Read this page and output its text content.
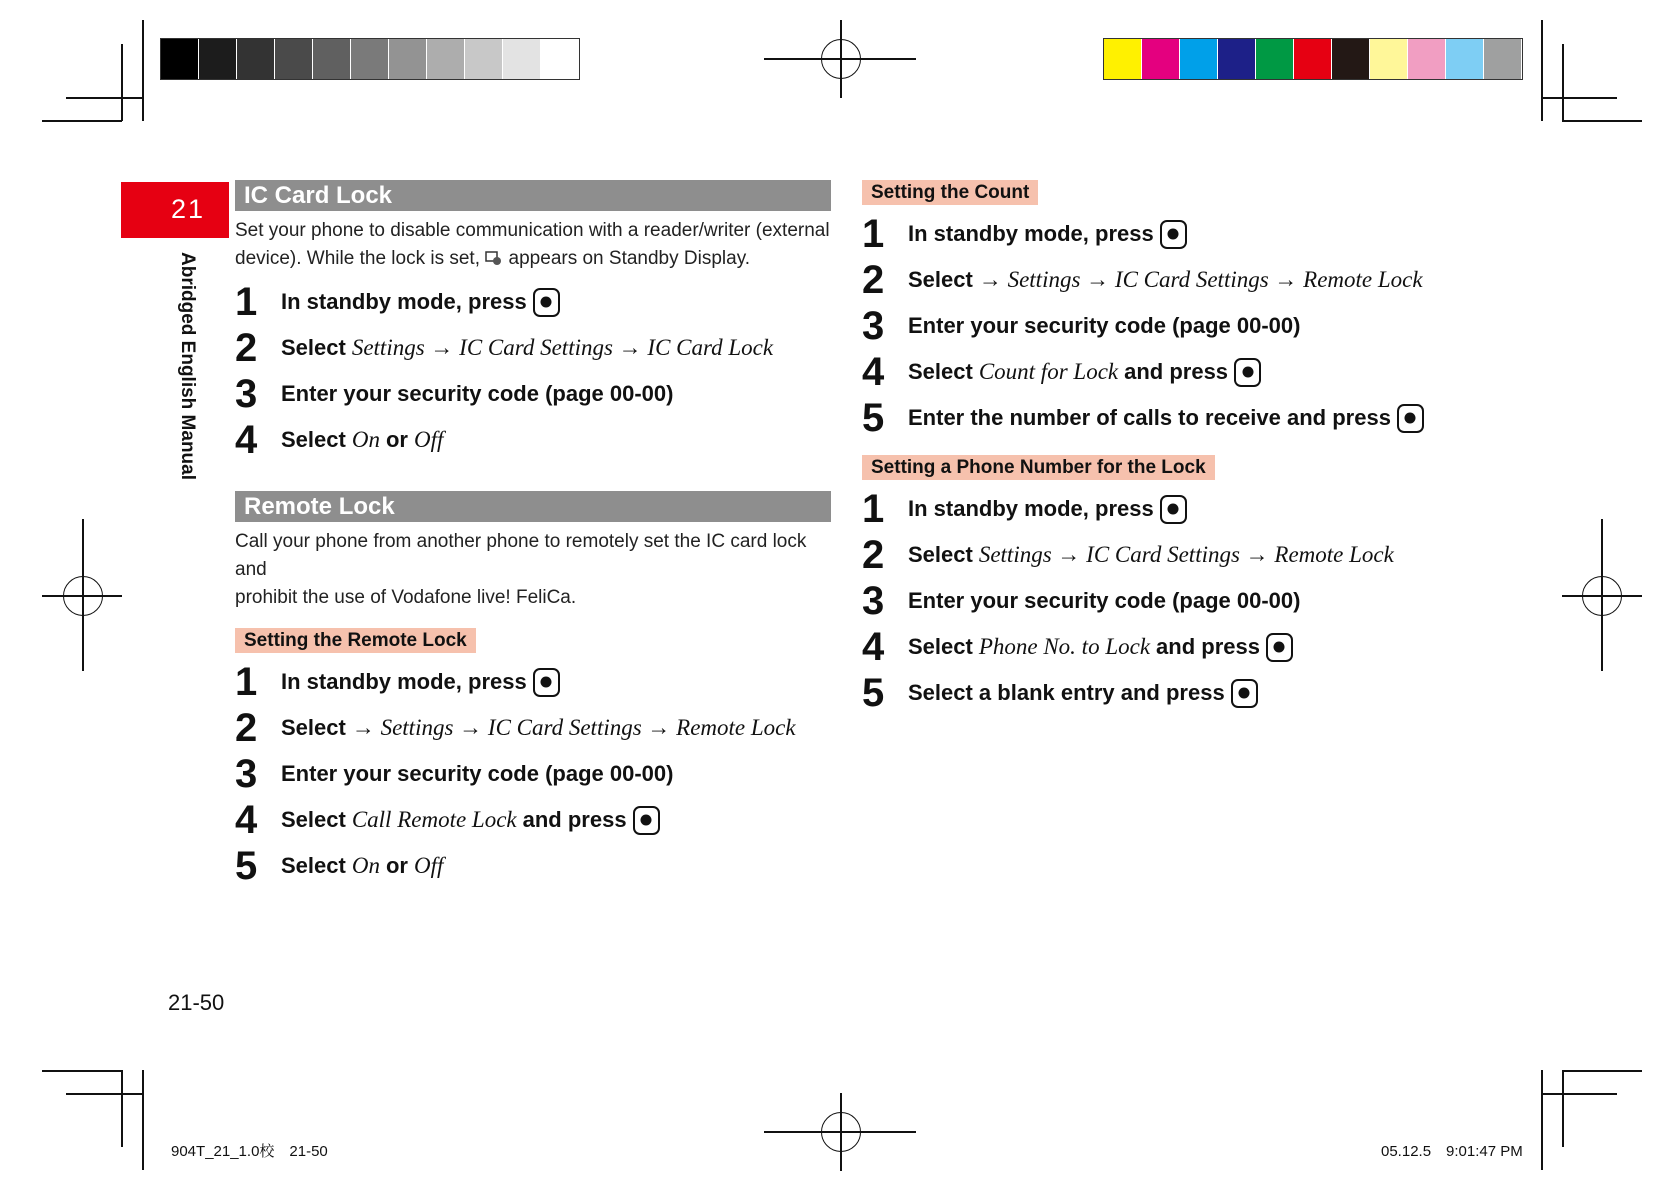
21
Abridged English Manual
IC Card Lock
Set your phone to disable communication with a reader/writer (external
device). While the lock is set, appears on Standby Display.
1	In standby mode, press
2	Select Settings → IC Card Settings → IC Card Lock
3	Enter your security code (page 00-00)
4	Select On or Off
Remote Lock
Call your phone from another phone to remotely set the IC card lock and
prohibit the use of Vodafone live! FeliCa.
Setting the Remote Lock
1	In standby mode, press
2	Select → Settings → IC Card Settings → Remote Lock
3	Enter your security code (page 00-00)
4	Select Call Remote Lock and press
5	Select On or Off
Setting the Count
1	In standby mode, press
2	Select → Settings → IC Card Settings → Remote Lock
3	Enter your security code (page 00-00)
4	Select Count for Lock and press
5	Enter the number of calls to receive and press
Setting a Phone Number for the Lock
1	In standby mode, press
2	Select Settings → IC Card Settings → Remote Lock
3	Enter your security code (page 00-00)
4	Select Phone No. to Lock and press
5	Select a blank entry and press
21-50
904T_21_1.0校　21-50	05.12.5　9:01:47 PM
